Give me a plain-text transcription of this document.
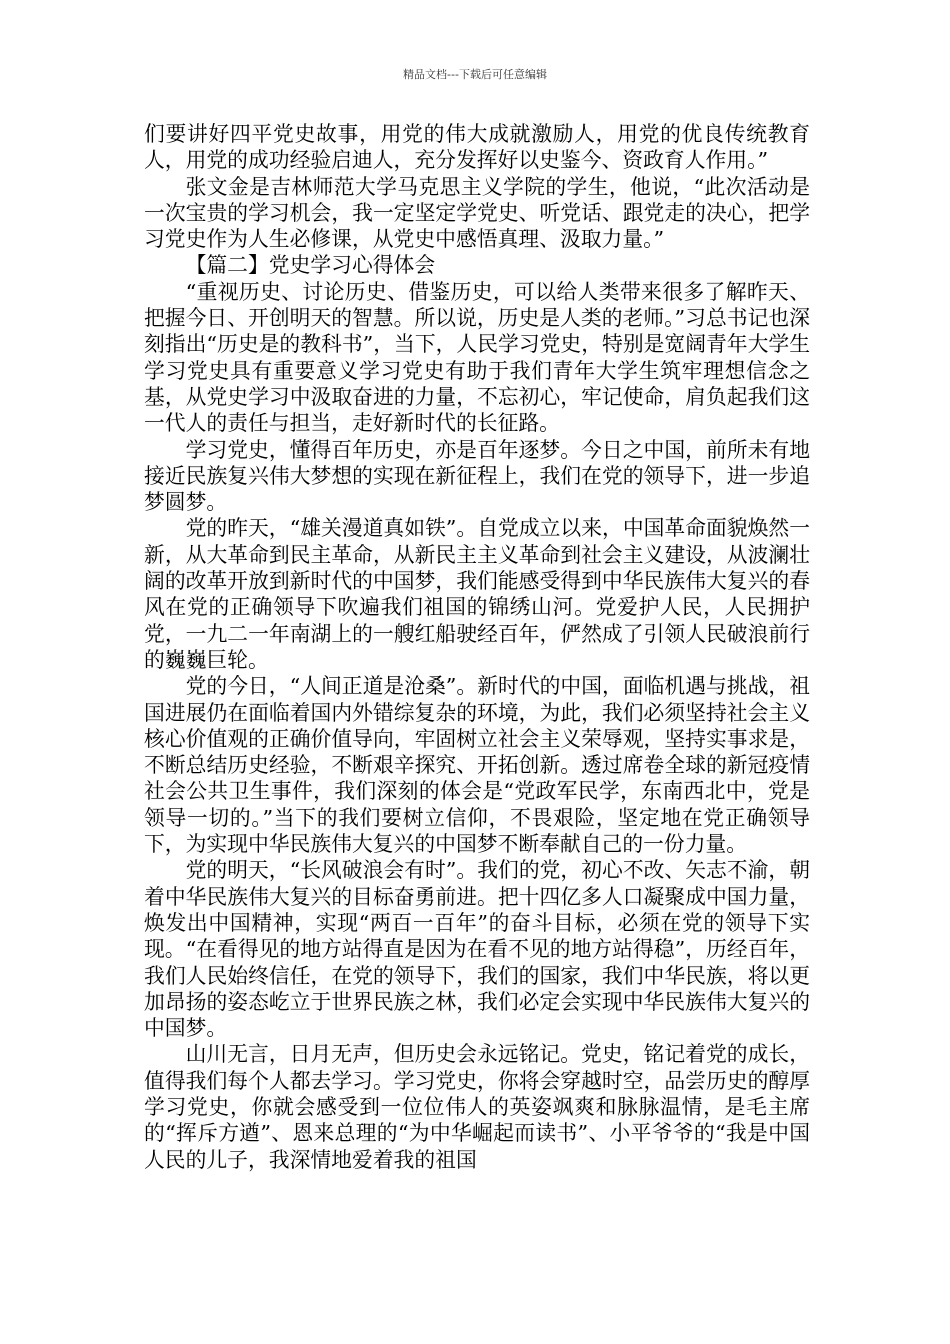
精品文档---下载后可任意编辑

们要讲好四平党史故事，用党的伟大成就激励人，用党的优良传统教育人，用党的成功经验启迪人，充分发挥好以史鉴今、资政育人作用。”

张文金是吉林师范大学马克思主义学院的学生，他说，“此次活动是一次宝贵的学习机会，我一定坚定学党史、听党话、跟党走的决心，把学习党史作为人生必修课，从党史中感悟真理、汲取力量。”

【篇二】党史学习心得体会

“重视历史、讨论历史、借鉴历史，可以给人类带来很多了解昨天、把握今日、开创明天的智慧。所以说，历史是人类的老师。”习总书记也深刻指出“历史是的教科书”，当下，人民学习党史，特别是宽阔青年大学生学习党史具有重要意义学习党史有助于我们青年大学生筑牢理想信念之基，从党史学习中汲取奋进的力量，不忘初心，牢记使命，肩负起我们这一代人的责任与担当，走好新时代的长征路。

学习党史，懂得百年历史，亦是百年逐梦。今日之中国，前所未有地接近民族复兴伟大梦想的实现在新征程上，我们在党的领导下，进一步追梦圆梦。

党的昨天，“雄关漫道真如铁”。自党成立以来，中国革命面貌焕然一新，从大革命到民主革命，从新民主主义革命到社会主义建设，从波澜壮阔的改革开放到新时代的中国梦，我们能感受得到中华民族伟大复兴的春风在党的正确领导下吹遍我们祖国的锦绣山河。党爱护人民，人民拥护党，一九二一年南湖上的一艘红船驶经百年，俨然成了引领人民破浪前行的巍巍巨轮。

党的今日，“人间正道是沧桑”。新时代的中国，面临机遇与挑战，祖国进展仍在面临着国内外错综复杂的环境，为此，我们必须坚持社会主义核心价值观的正确价值导向，牢固树立社会主义荣辱观，坚持实事求是，不断总结历史经验，不断艰辛探究、开拓创新。透过席卷全球的新冠疫情社会公共卫生事件，我们深刻的体会是“党政军民学，东南西北中，党是领导一切的。”当下的我们要树立信仰，不畏艰险，坚定地在党正确领导下，为实现中华民族伟大复兴的中国梦不断奉献自己的一份力量。

党的明天，“长风破浪会有时”。我们的党，初心不改、矢志不渝，朝着中华民族伟大复兴的目标奋勇前进。把十四亿多人口凝聚成中国力量，焕发出中国精神，实现“两百一百年”的奋斗目标，必须在党的领导下实现。“在看得见的地方站得直是因为在看不见的地方站得稳”，历经百年，我们人民始终信任，在党的领导下，我们的国家，我们中华民族，将以更加昂扬的姿态屹立于世界民族之林，我们必定会实现中华民族伟大复兴的中国梦。

山川无言，日月无声，但历史会永远铭记。党史，铭记着党的成长，值得我们每个人都去学习。学习党史，你将会穿越时空，品尝历史的醇厚学习党史，你就会感受到一位位伟人的英姿飒爽和脉脉温情，是毛主席的“挥斥方遒”、恩来总理的“为中华崛起而读书”、小平爷爷的“我是中国人民的儿子，我深情地爱着我的祖国
